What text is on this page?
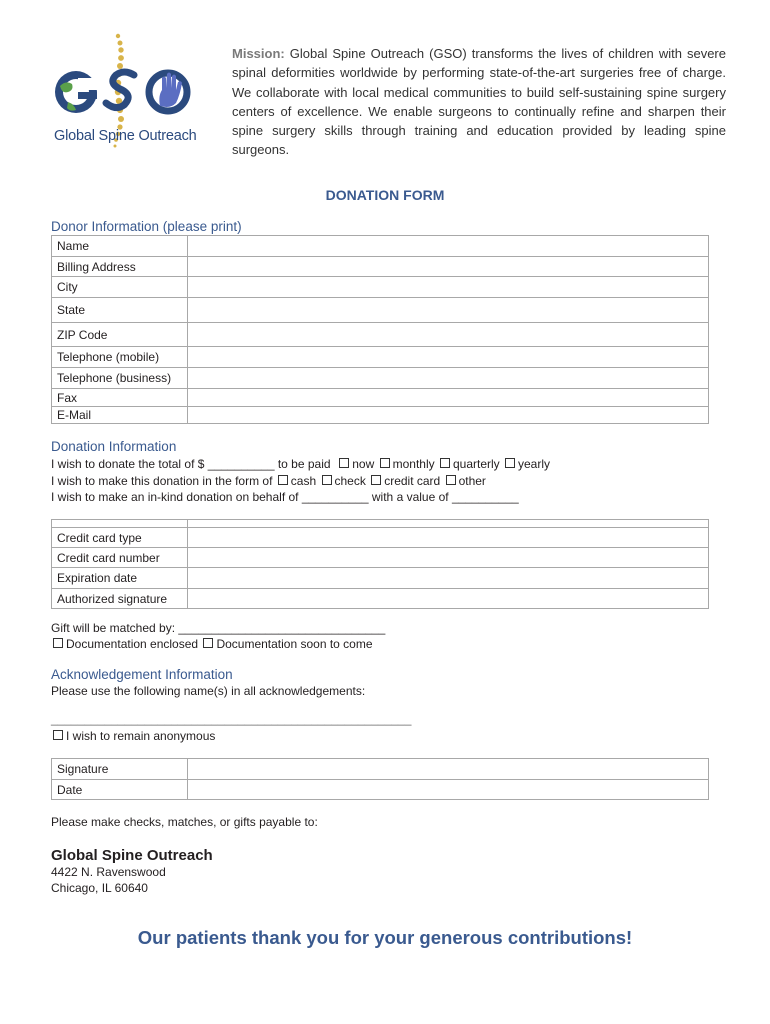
Global Spine Outreach
Mission: Global Spine Outreach (GSO) transforms the lives of children with severe spinal deformities worldwide by performing state-of-the-art surgeries free of charge. We collaborate with local medical communities to build self-sustaining spine surgery centers of excellence. We enable surgeons to continually refine and sharpen their spine surgery skills through training and education provided by leading spine surgeons.
DONATION FORM
Donor Information (please print)
Name	
Billing Address	
City	
State	
ZIP Code	
Telephone (mobile)	
Telephone (business)	
Fax	
E-Mail	
Donation Information
I wish to donate the total of $ __________ to be paid now monthly quarterly yearly
I wish to make this donation in the form of cash check credit card other
I wish to make an in-kind donation on behalf of __________ with a value of __________

Credit card type	
Credit card number	
Expiration date	
Authorized signature	
Gift will be matched by: _______________________________
Documentation enclosed Documentation soon to come
Acknowledgement Information
Please use the following name(s) in all acknowledgements:
______________________________________________________
I wish to remain anonymous
Signature	
Date	
Please make checks, matches, or gifts payable to:
Global Spine Outreach
4422 N. Ravenswood
Chicago, IL 60640
Our patients thank you for your generous contributions!
